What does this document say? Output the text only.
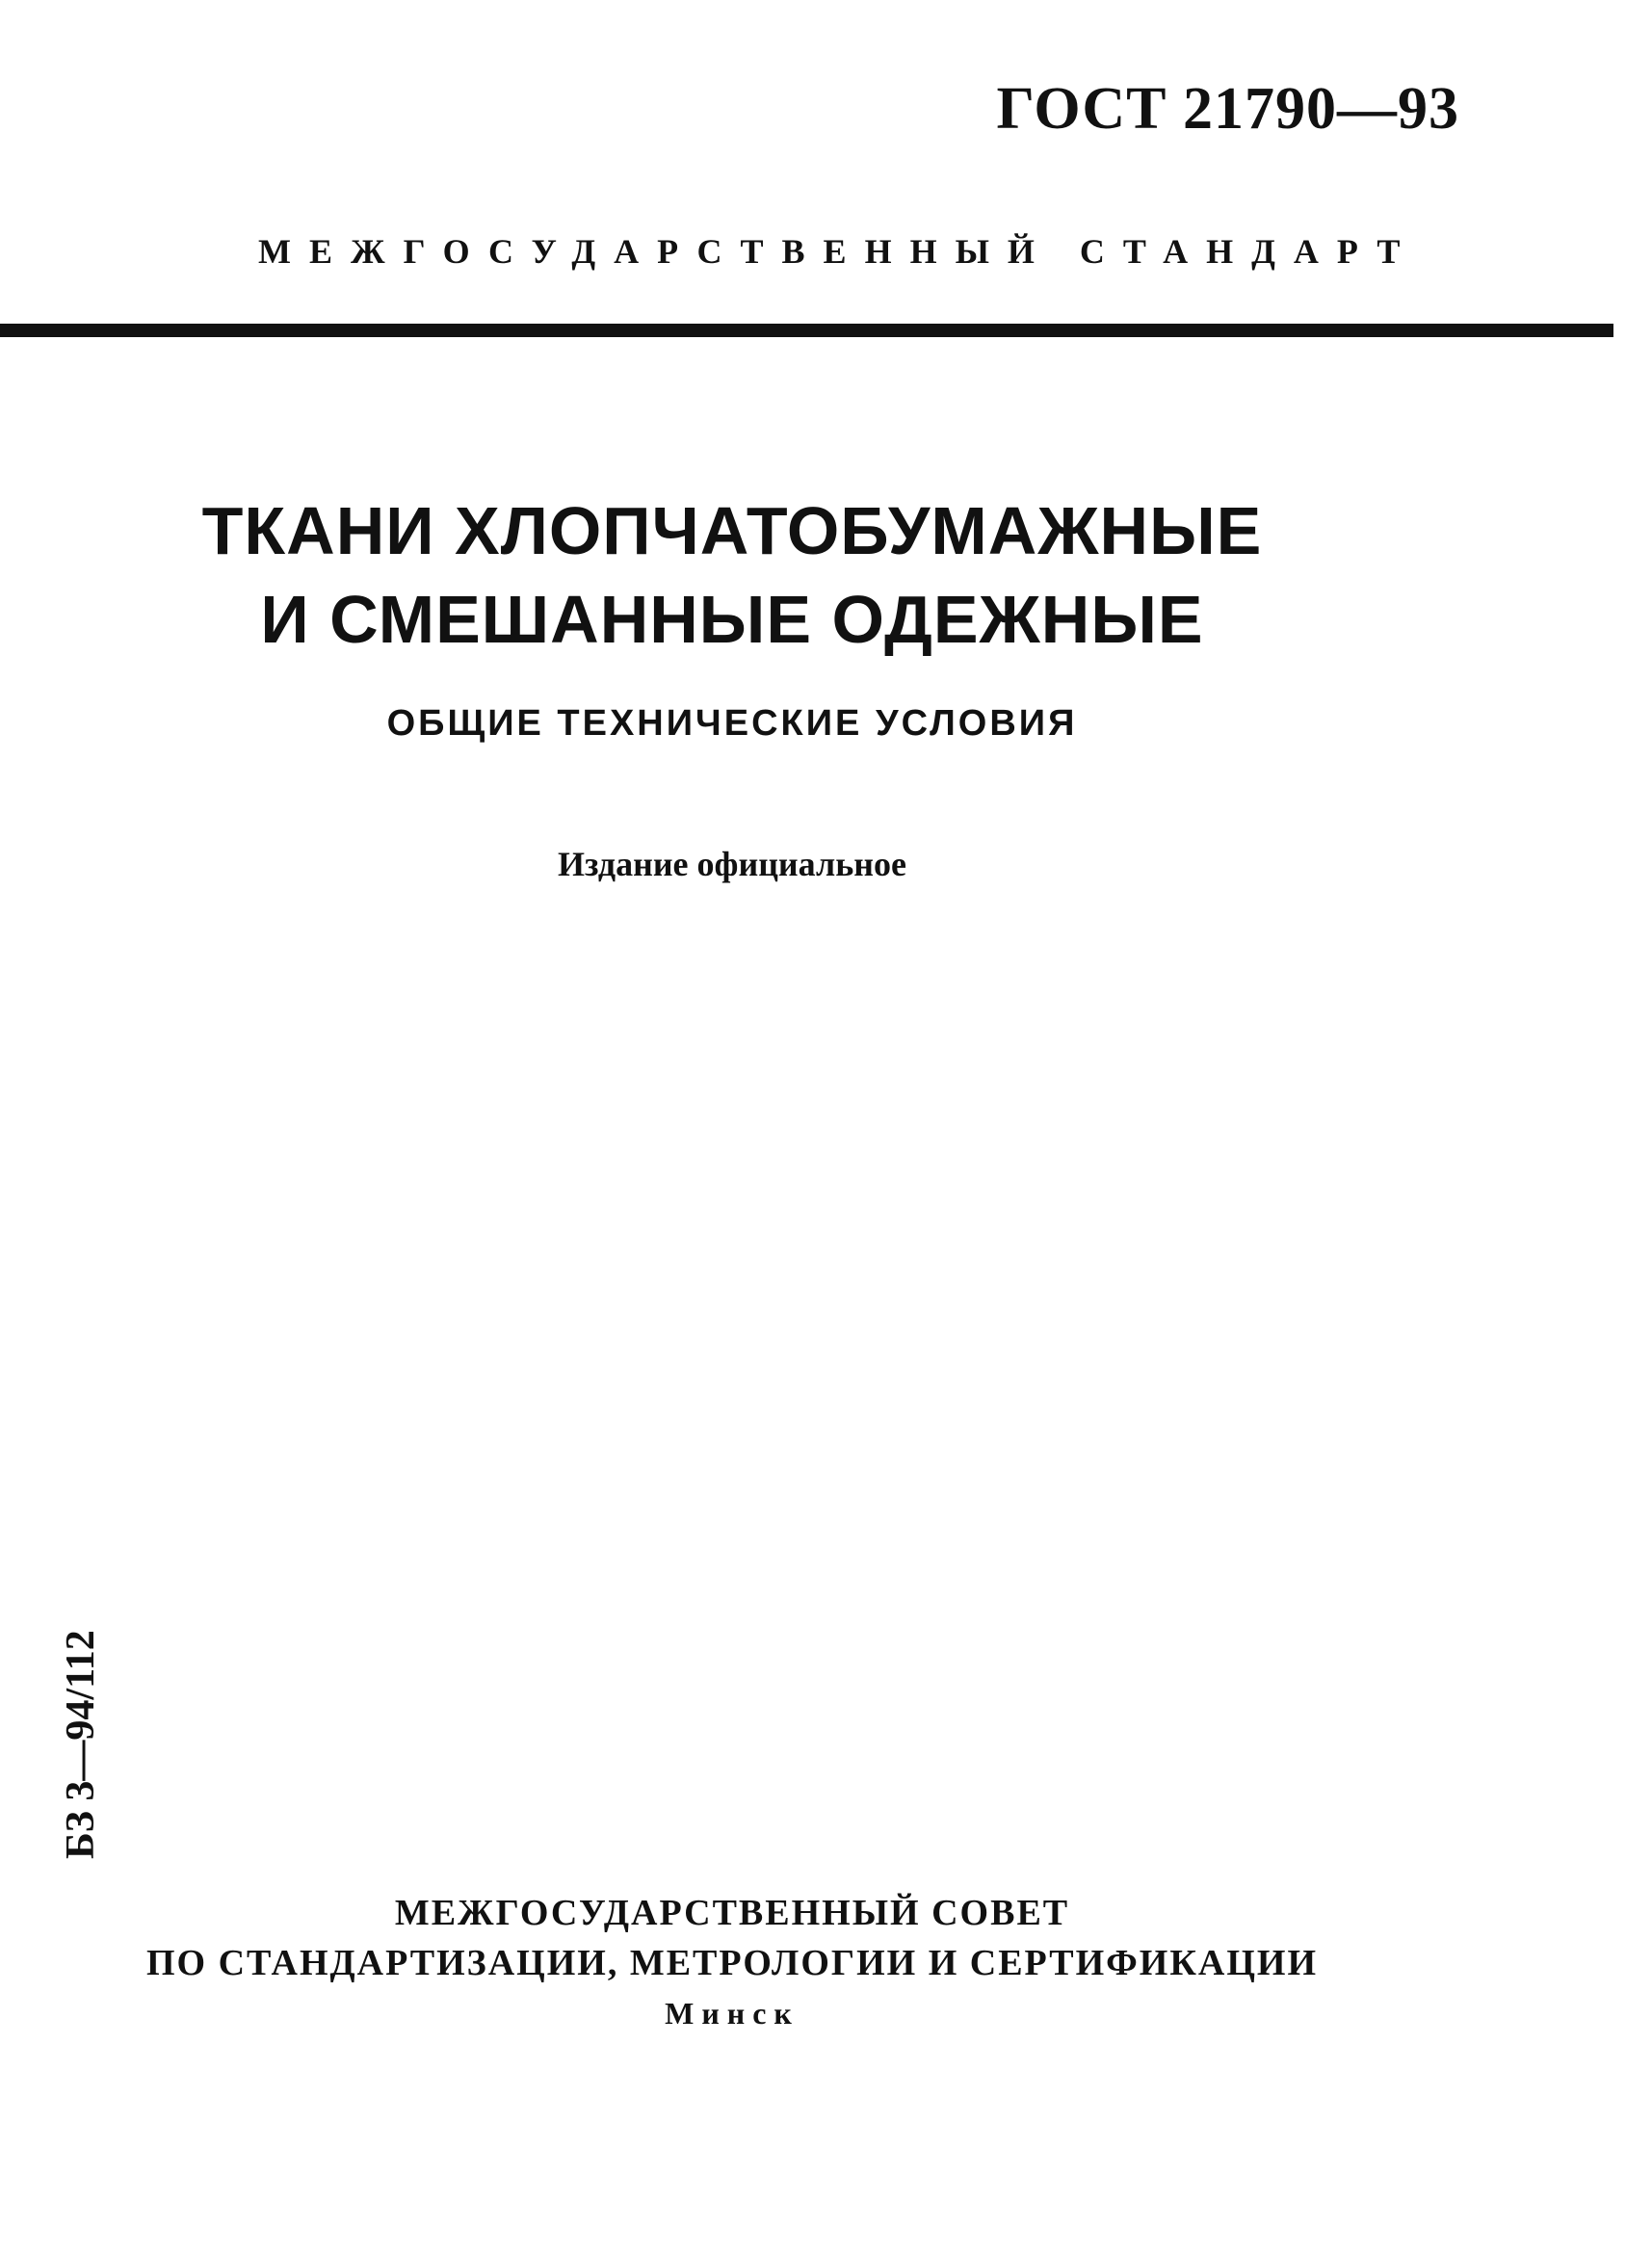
ГОСТ 21790—93
МЕЖГОСУДАРСТВЕННЫЙ СТАНДАРТ
ТКАНИ ХЛОПЧАТОБУМАЖНЫЕ
И СМЕШАННЫЕ ОДЕЖНЫЕ
ОБЩИЕ ТЕХНИЧЕСКИЕ УСЛОВИЯ
Издание официальное
БЗ 3—94/112
МЕЖГОСУДАРСТВЕННЫЙ СОВЕТ
ПО СТАНДАРТИЗАЦИИ, МЕТРОЛОГИИ И СЕРТИФИКАЦИИ
Минск
